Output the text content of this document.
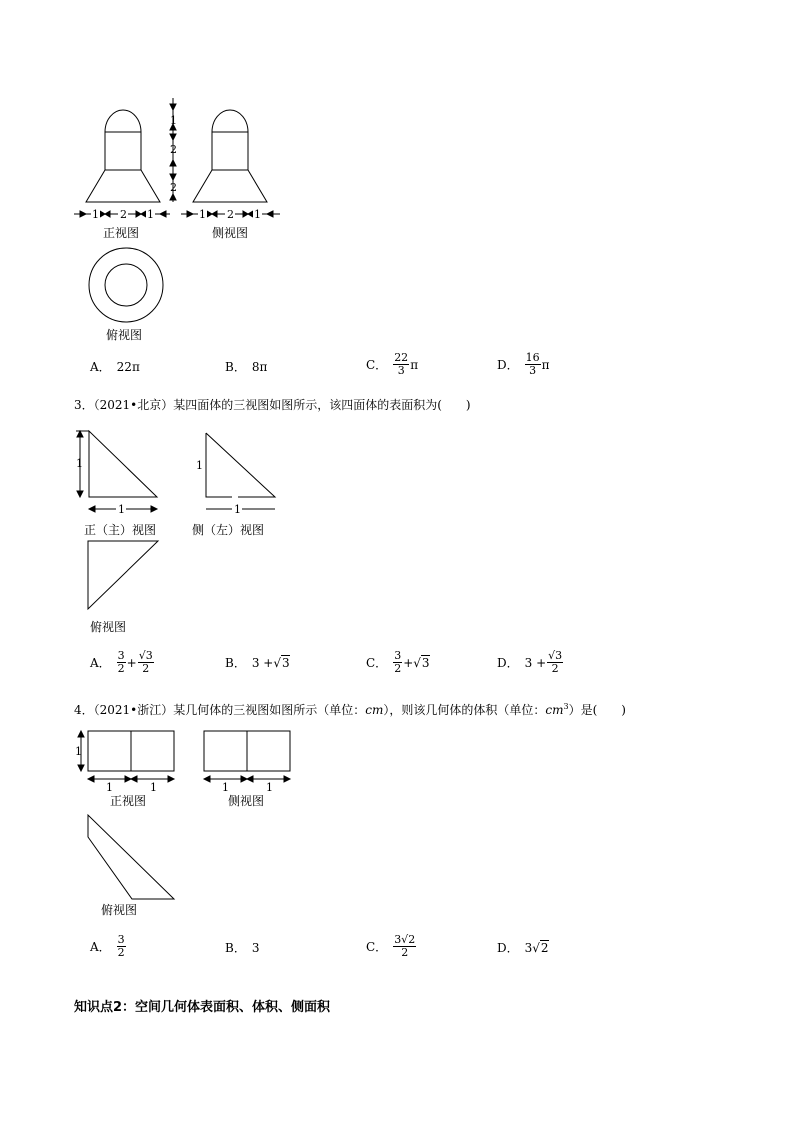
1
2
2
1 2 1	1 2 1
正视图	侧视图
俯视图
A． 22π	B． 8π	C． $\frac{22}{3}$ π	D． $\frac{16}{3}$ π
3．（2021•北京）某四面体的三视图如图所示，该四面体的表面积为(　　)
1
1
1
1
正（主）视图	侧（左）视图
俯视图
A． $\frac{3}{2} + \frac{√3}{2}$	B． 3 + √3	C． $\frac{3}{2} + √3$	D． $3 + \frac{√3}{2}$
4．（2021•浙江）某几何体的三视图如图所示（单位：cm），则该几何体的体积（单位：$cm^3$）是(　　)
1
1	1	1	1
正视图	侧视图
俯视图
A． $\frac{3}{2}$	B． 3	C． $\frac{3√2}{2}$	D． 3 √2
知识点2：空间几何体表面积、体积、侧面积
